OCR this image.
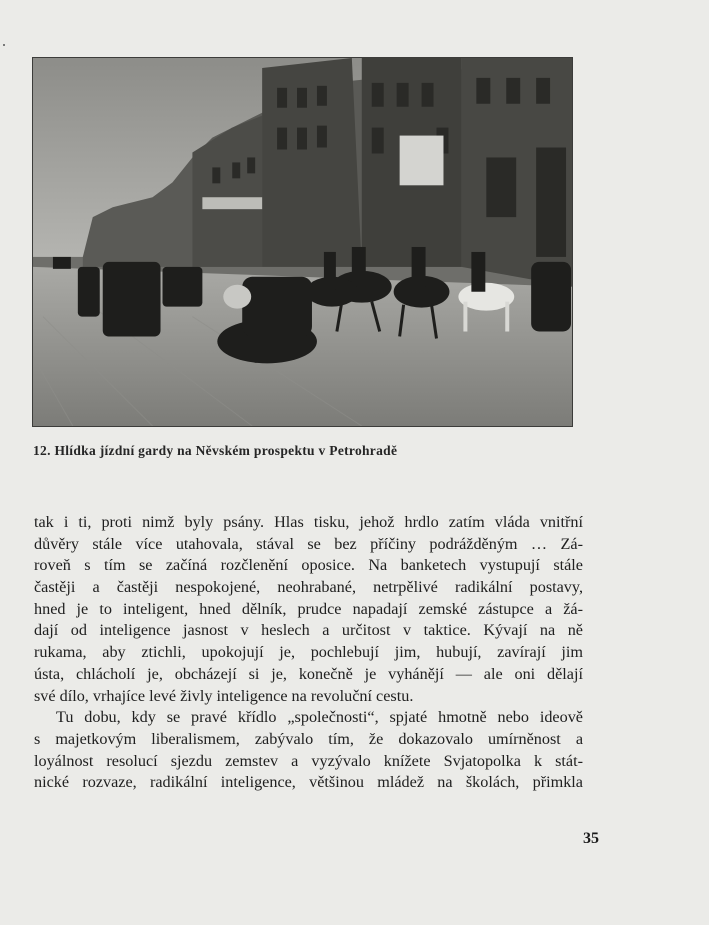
12. Hlídka jízdní gardy na Něvském prospektu v Petrohradě
tak i ti, proti nimž byly psány. Hlas tisku, jehož hrdlo zatím vláda vnitřní
důvěry stále více utahovala, stával se bez příčiny podrážděným … Zá-
roveň s tím se začíná rozčlenění oposice. Na banketech vystupují stále
častěji a častěji nespokojené, neohrabané, netrpělivé radikální postavy,
hned je to inteligent, hned dělník, prudce napadají zemské zástupce a žá-
dají od inteligence jasnost v heslech a určitost v taktice. Kývají na ně
rukama, aby ztichli, upokojují je, pochlebují jim, hubují, zavírají jim
ústa, chlácholí je, obcházejí si je, konečně je vyhánějí — ale oni dělají
své dílo, vrhajíce levé živly inteligence na revoluční cestu.
Tu dobu, kdy se pravé křídlo „společnosti“, spjaté hmotně nebo ideově
s majetkovým liberalismem, zabývalo tím, že dokazovalo umírněnost a
loyálnost resolucí sjezdu zemstev a vyzývalo knížete Svjatopolka k stát-
nické rozvaze, radikální inteligence, většinou mládež na školách, přimkla
35
